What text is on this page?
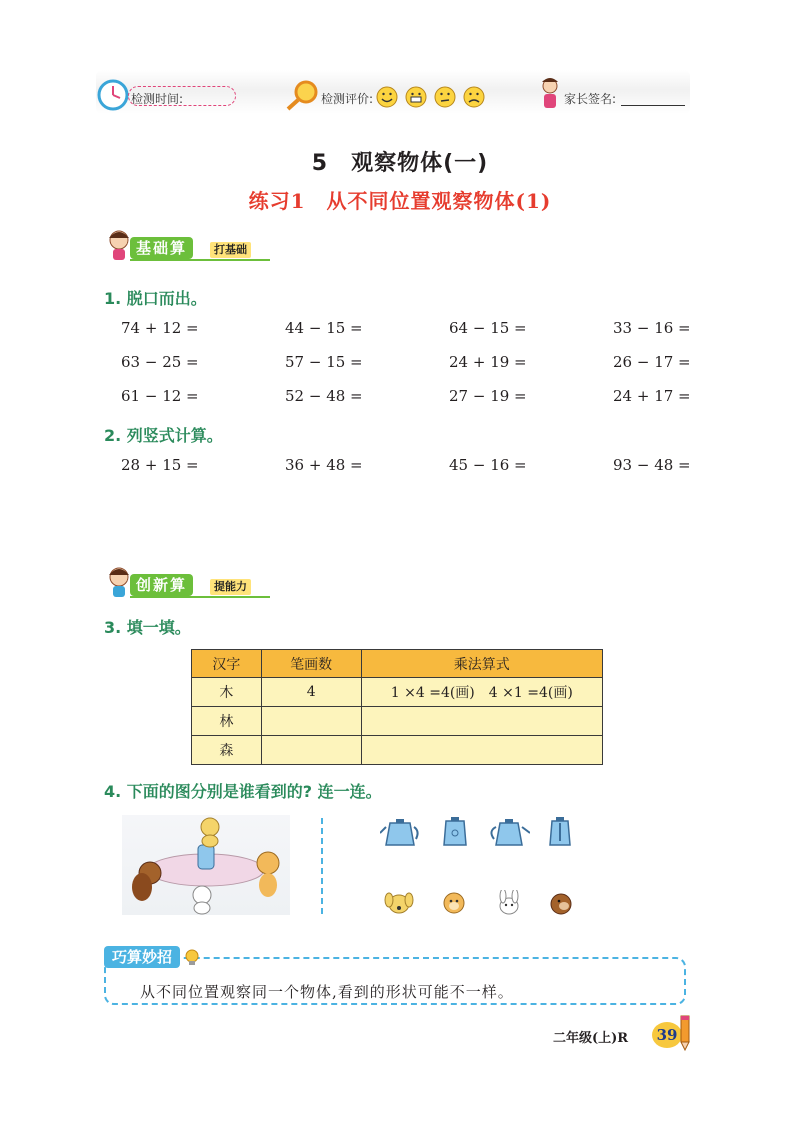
检测时间:	检测评价:	家长签名:
5　观察物体(一)
练习1　从不同位置观察物体(1)
基础算	打基础
1. 脱口而出。
74 + 12 =	44 − 15 =	64 − 15 =	33 − 16 =
63 − 25 =	57 − 15 =	24 + 19 =	26 − 17 =
61 − 12 =	52 − 48 =	27 − 19 =	24 + 17 =
2. 列竖式计算。
28 + 15 =	36 + 48 =	45 − 16 =	93 − 48 =
创新算	提能力
3. 填一填。
汉字	笔画数	乘法算式
木	4	1 ×4 =4(画)　4 ×1 =4(画)
林		
森		
4. 下面的图分别是谁看到的? 连一连。
巧算妙招
从不同位置观察同一个物体,看到的形状可能不一样。
二年级(上)R	39
